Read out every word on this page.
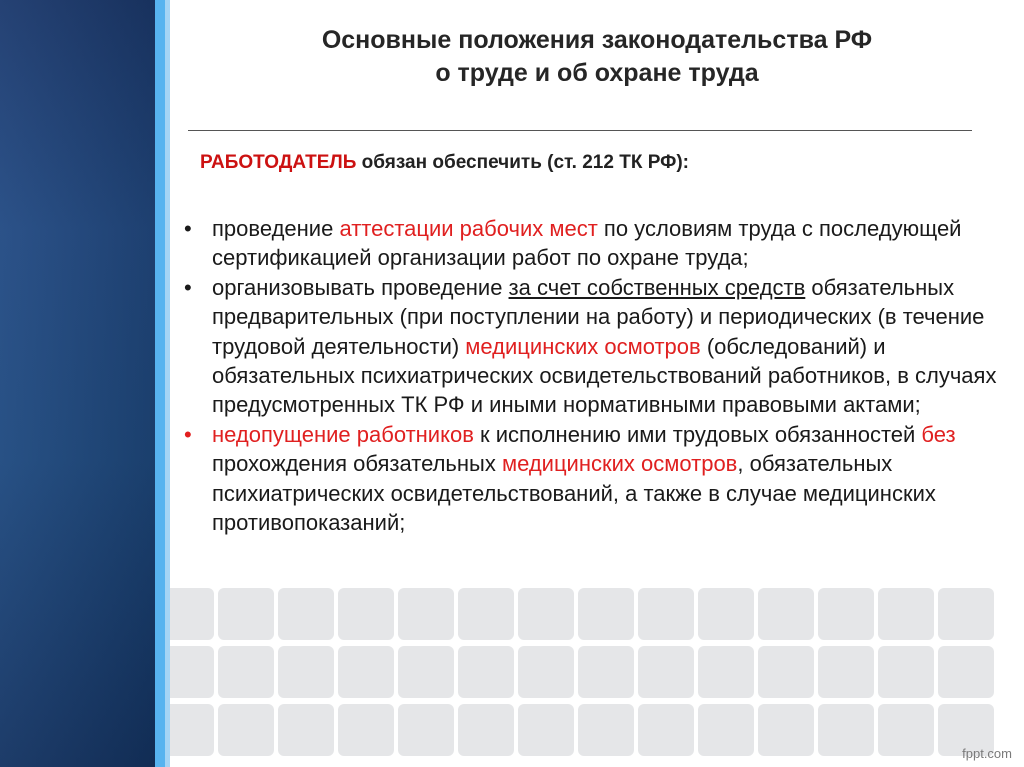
Основные положения законодательства РФ
о труде и об охране труда
РАБОТОДАТЕЛЬ обязан обеспечить (ст. 212 ТК РФ):

• проведение аттестации рабочих мест по условиям труда с последующей сертификацией организации работ по охране труда;

• организовывать проведение за счет собственных средств обязательных предварительных (при поступлении на работу) и периодических (в течение трудовой деятельности) медицинских осмотров (обследований) и обязательных психиатрических освидетельствований работников, в случаях предусмотренных ТК РФ и иными нормативными правовыми актами;

• недопущение работников к исполнению ими трудовых обязанностей без прохождения обязательных медицинских осмотров, обязательных психиатрических освидетельствований, а также в случае медицинских противопоказаний;

fppt.com
